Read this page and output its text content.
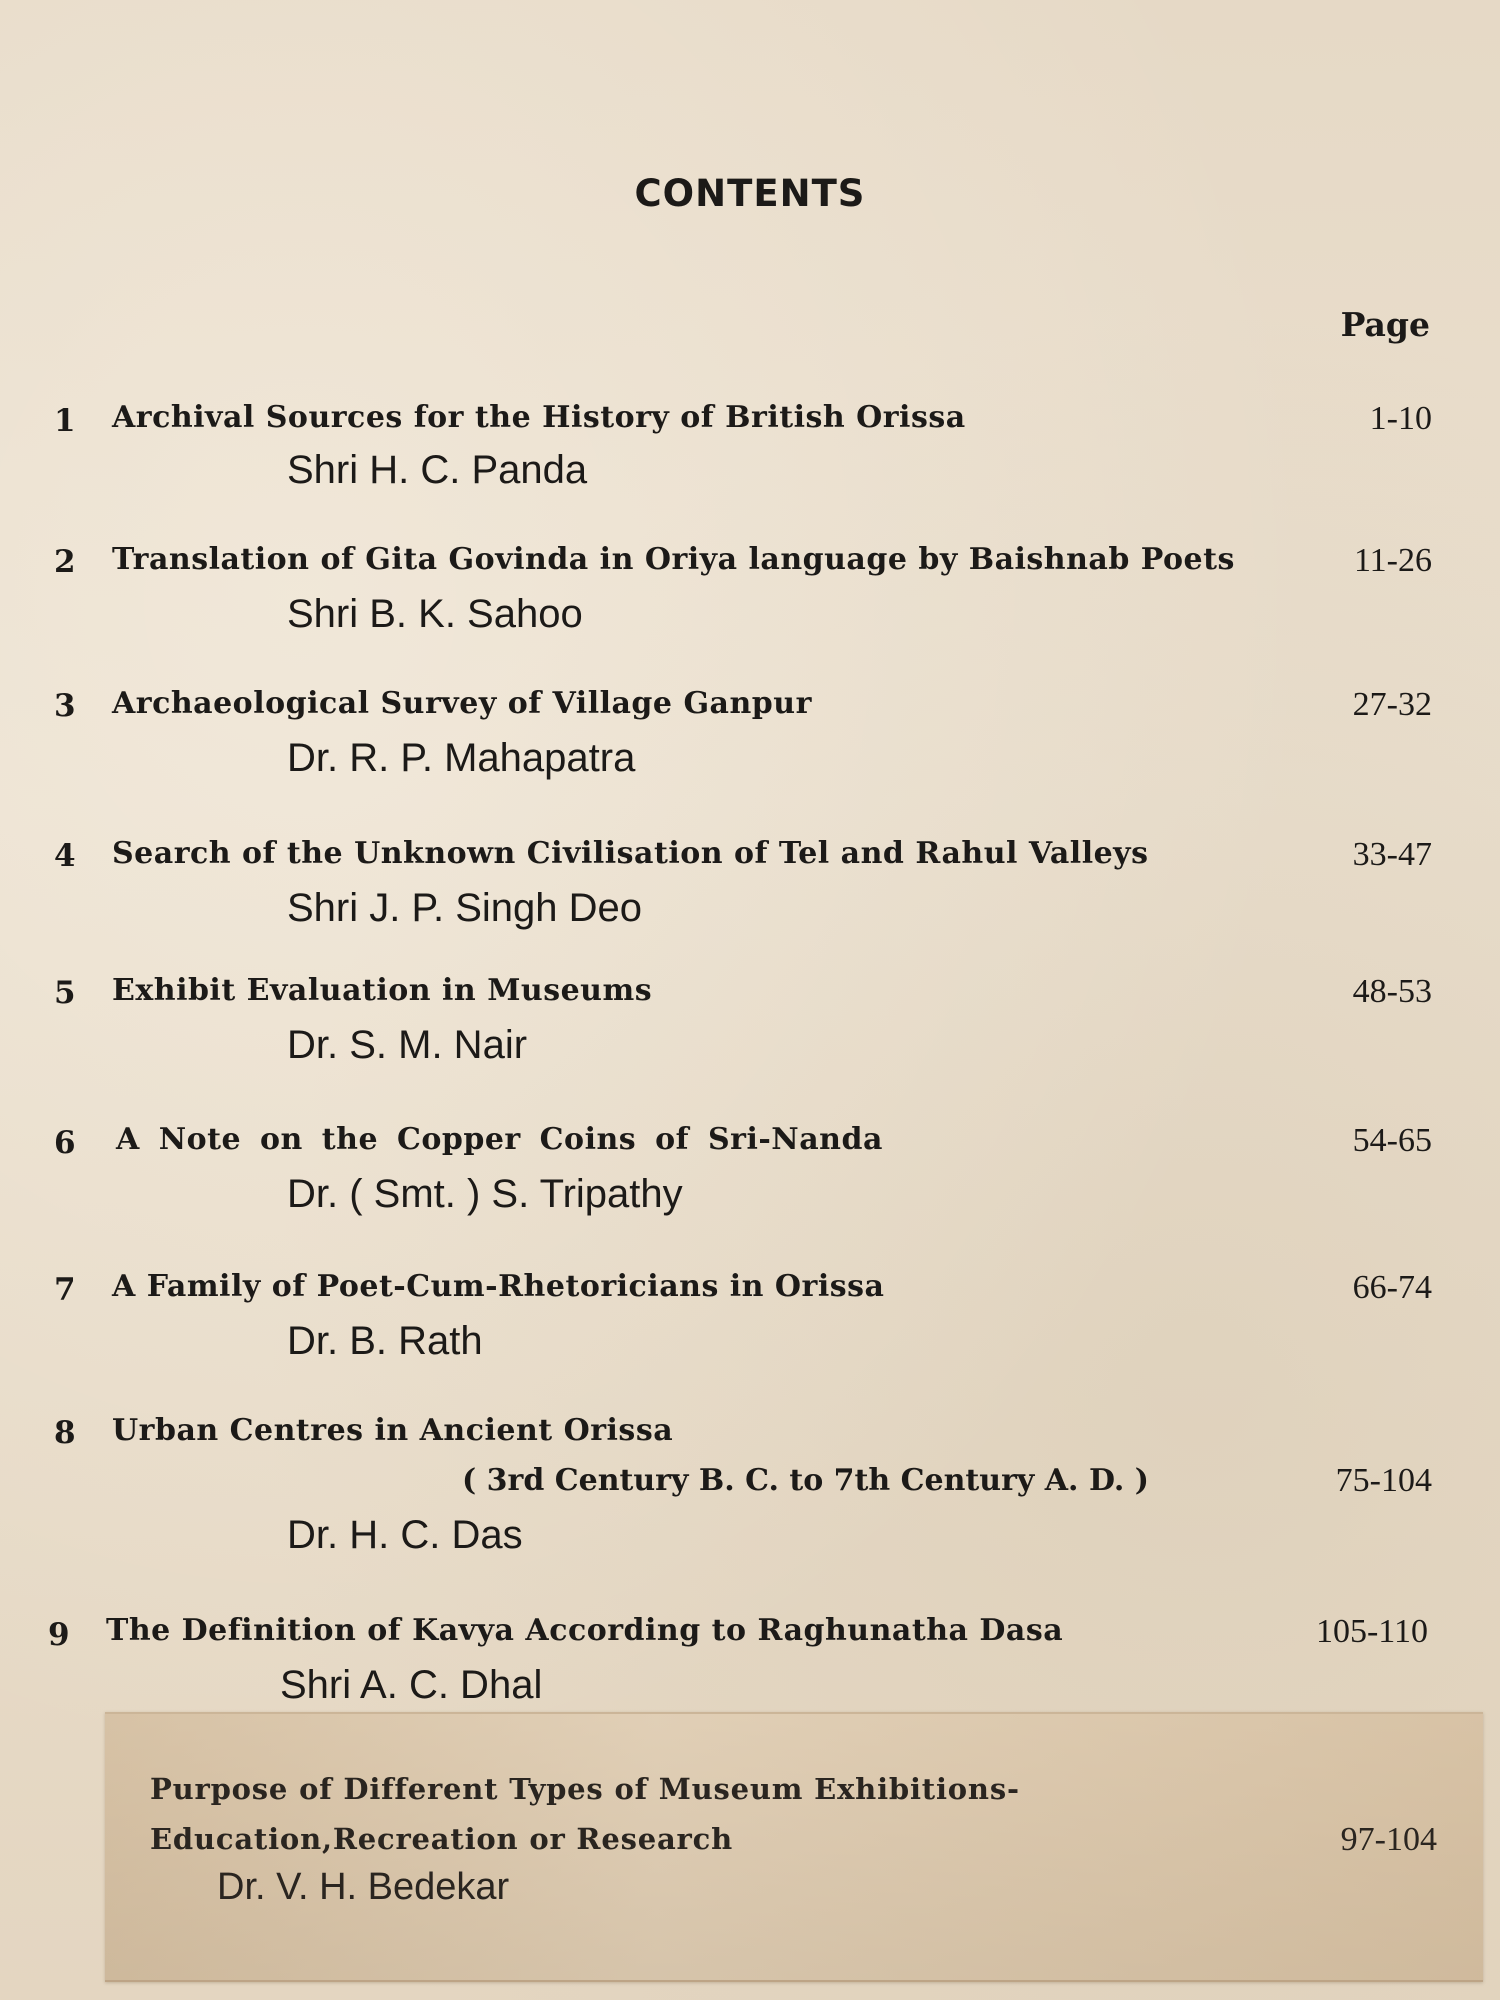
CONTENTS
Page
1 Archival Sources for the History of British Orissa	1-10
Shri H. C. Panda
2 Translation of Gita Govinda in Oriya language by Baishnab Poets	11-26
Shri B. K. Sahoo
3 Archaeological Survey of Village Ganpur	27-32
Dr. R. P. Mahapatra
4 Search of the Unknown Civilisation of Tel and Rahul Valleys	33-47
Shri J. P. Singh Deo
5 Exhibit Evaluation in Museums	48-53
Dr. S. M. Nair
6 A Note on the Copper Coins of Sri-Nanda	54-65
Dr. ( Smt. ) S. Tripathy
7 A Family of Poet-Cum-Rhetoricians in Orissa	66-74
Dr. B. Rath
8 Urban Centres in Ancient Orissa
( 3rd Century B. C. to 7th Century A. D. )	75-104
Dr. H. C. Das
9 The Definition of Kavya According to Raghunatha Dasa	105-110
Shri A. C. Dhal
Purpose of Different Types of Museum Exhibitions-
Education,Recreation or Research	97-104
Dr. V. H. Bedekar
